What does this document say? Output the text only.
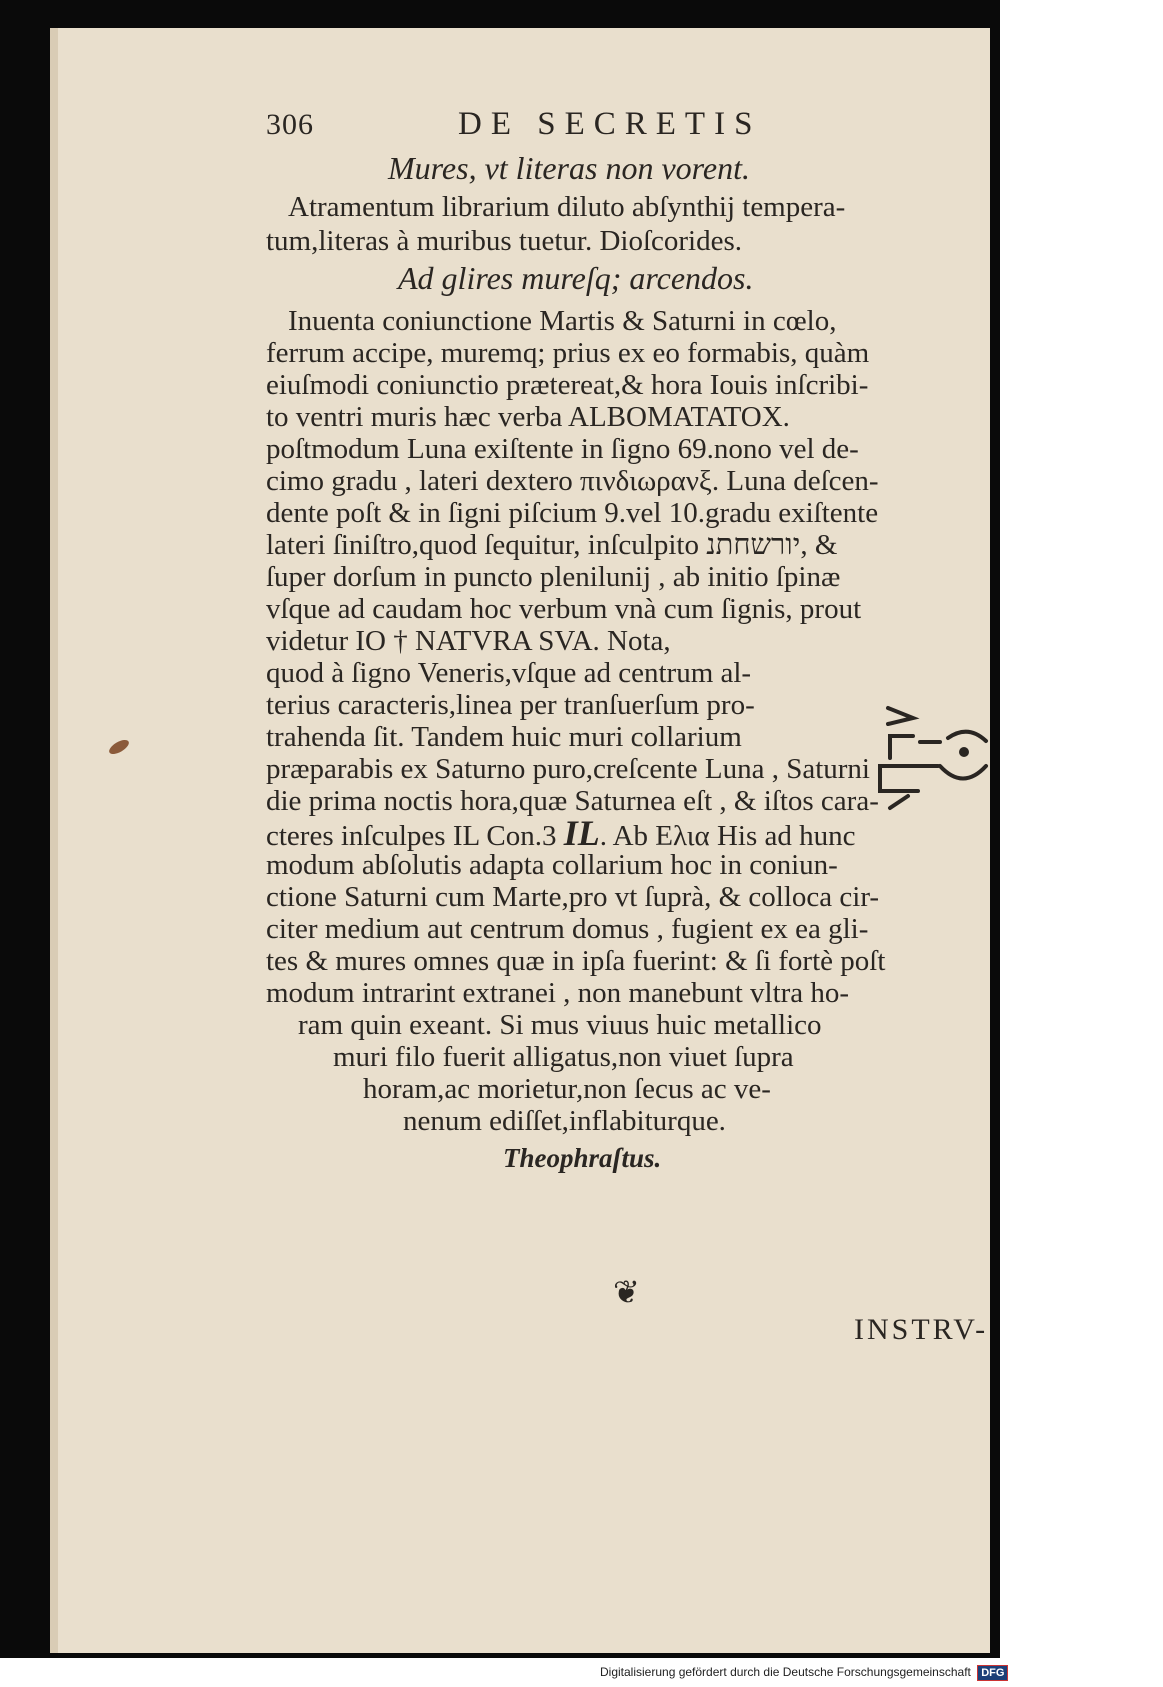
306	DE SECRETIS

Mures, vt literas non vorent.

Atramentum librarium diluto abſynthij tempera-

tum,literas à muribus tuetur. Dioſcorides.

Ad glires mureſq; arcendos.

Inuenta coniunctione Martis & Saturni in cœlo,

ferrum accipe, muremq; prius ex eo formabis, quàm

eiuſmodi coniunctio prætereat,& hora Iouis inſcribi-

to ventri muris hæc verba ALBOMATATOX.

poſtmodum Luna exiſtente in ſigno 69.nono vel de-

cimo gradu , lateri dextero πινδιωρανξ. Luna deſcen-

dente poſt & in ſigni piſcium 9.vel 10.gradu exiſtente

lateri ſiniſtro,quod ſequitur, inſculpito יורשחתנ, &

ſuper dorſum in puncto plenilunij , ab initio ſpinæ

vſque ad caudam hoc verbum vnà cum ſignis, prout

videtur IO † NATVRA SVA. Nota,

quod à ſigno Veneris,vſque ad centrum al-

terius caracteris,linea per tranſuerſum pro-

trahenda ſit. Tandem huic muri collarium

præparabis ex Saturno puro,creſcente Luna , Saturni

die prima noctis hora,quæ Saturnea eſt , & iſtos cara-

cteres inſculpes IL Con.3 IL. Ab Ελια His ad hunc

modum abſolutis adapta collarium hoc in coniun-

ctione Saturni cum Marte,pro vt ſuprà, & colloca cir-

citer medium aut centrum domus , fugient ex ea gli-

tes & mures omnes quæ in ipſa fuerint: & ſi fortè poſt

modum intrarint extranei , non manebunt vltra ho-

ram quin exeant. Si mus viuus huic metallico

muri filo fuerit alligatus,non viuet ſupra

horam,ac morietur,non ſecus ac ve-

nenum ediſſet,inflabiturque.

Theophraſtus.

❦
INSTRV-
Digitalisierung gefördert durch die Deutsche Forschungsgemeinschaft DFG
